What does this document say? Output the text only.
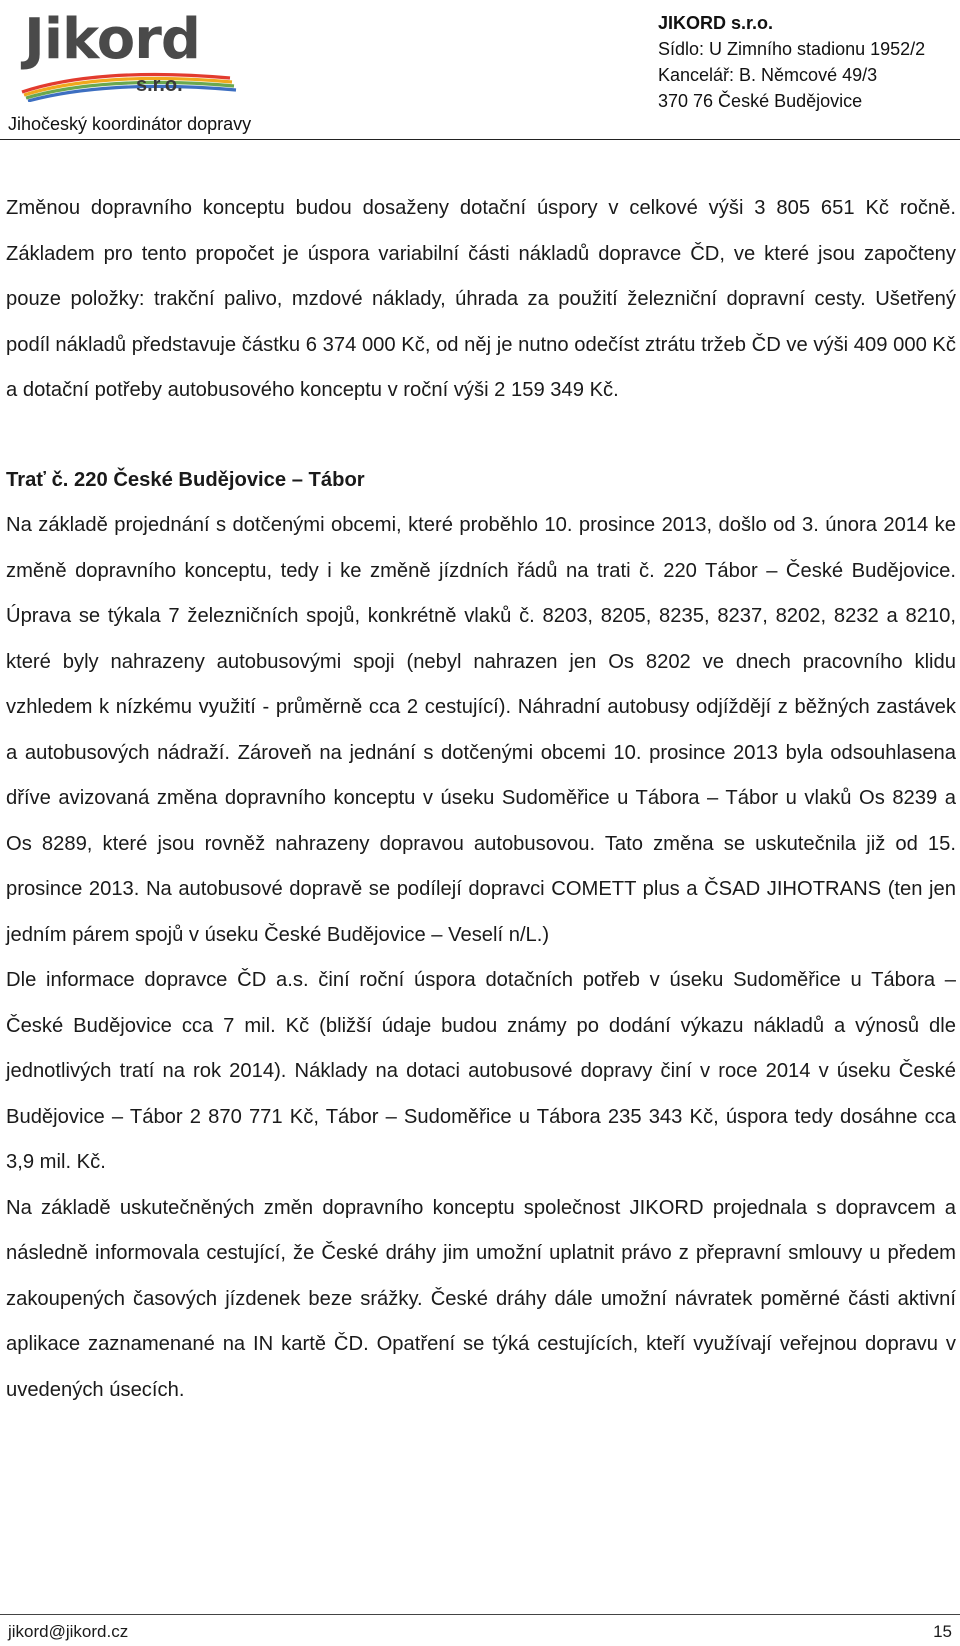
Jikord
s.r.o.
Jihočeský koordinátor dopravy
JIKORD s.r.o.
Sídlo: U Zimního stadionu 1952/2
Kancelář: B. Němcové 49/3
370 76 České Budějovice

Změnou dopravního konceptu budou dosaženy dotační úspory v celkové výši 3 805 651 Kč ročně. Základem pro tento propočet je úspora variabilní části nákladů dopravce ČD, ve které jsou započteny pouze položky: trakční palivo, mzdové náklady, úhrada za použití železniční dopravní cesty. Ušetřený podíl nákladů představuje částku 6 374 000 Kč, od něj je nutno odečíst ztrátu tržeb ČD ve výši 409 000 Kč a dotační potřeby autobusového konceptu v roční výši 2 159 349 Kč.

Trať č. 220 České Budějovice – Tábor

Na základě projednání s dotčenými obcemi, které proběhlo 10. prosince 2013, došlo od 3. února 2014 ke změně dopravního konceptu, tedy i ke změně jízdních řádů na trati č. 220 Tábor – České Budějovice. Úprava se týkala 7 železničních spojů, konkrétně vlaků č. 8203, 8205, 8235, 8237, 8202, 8232 a 8210, které byly nahrazeny autobusovými spoji (nebyl nahrazen jen Os 8202 ve dnech pracovního klidu vzhledem k nízkému využití - průměrně cca 2 cestující). Náhradní autobusy odjíždějí z běžných zastávek a autobusových nádraží. Zároveň na jednání s dotčenými obcemi 10. prosince 2013 byla odsouhlasena dříve avizovaná změna dopravního konceptu v úseku Sudoměřice u Tábora – Tábor u vlaků Os 8239 a Os 8289, které jsou rovněž nahrazeny dopravou autobusovou. Tato změna se uskutečnila již od 15. prosince 2013. Na autobusové dopravě se podílejí dopravci COMETT plus a ČSAD JIHOTRANS (ten jen jedním párem spojů v úseku České Budějovice – Veselí n/L.)

Dle informace dopravce ČD a.s. činí roční úspora dotačních potřeb v úseku Sudoměřice u Tábora – České Budějovice cca 7 mil. Kč (bližší údaje budou známy po dodání výkazu nákladů a výnosů dle jednotlivých tratí na rok 2014). Náklady na dotaci autobusové dopravy činí v roce 2014 v úseku České Budějovice – Tábor 2 870 771 Kč, Tábor – Sudoměřice u Tábora 235 343 Kč, úspora tedy dosáhne cca 3,9 mil. Kč.

Na základě uskutečněných změn dopravního konceptu společnost JIKORD projednala s dopravcem a následně informovala cestující, že České dráhy jim umožní uplatnit právo z přepravní smlouvy u předem zakoupených časových jízdenek beze srážky. České dráhy dále umožní návratek poměrné části aktivní aplikace zaznamenané na IN kartě ČD. Opatření se týká cestujících, kteří využívají veřejnou dopravu v uvedených úsecích.

jikord@jikord.cz	15
